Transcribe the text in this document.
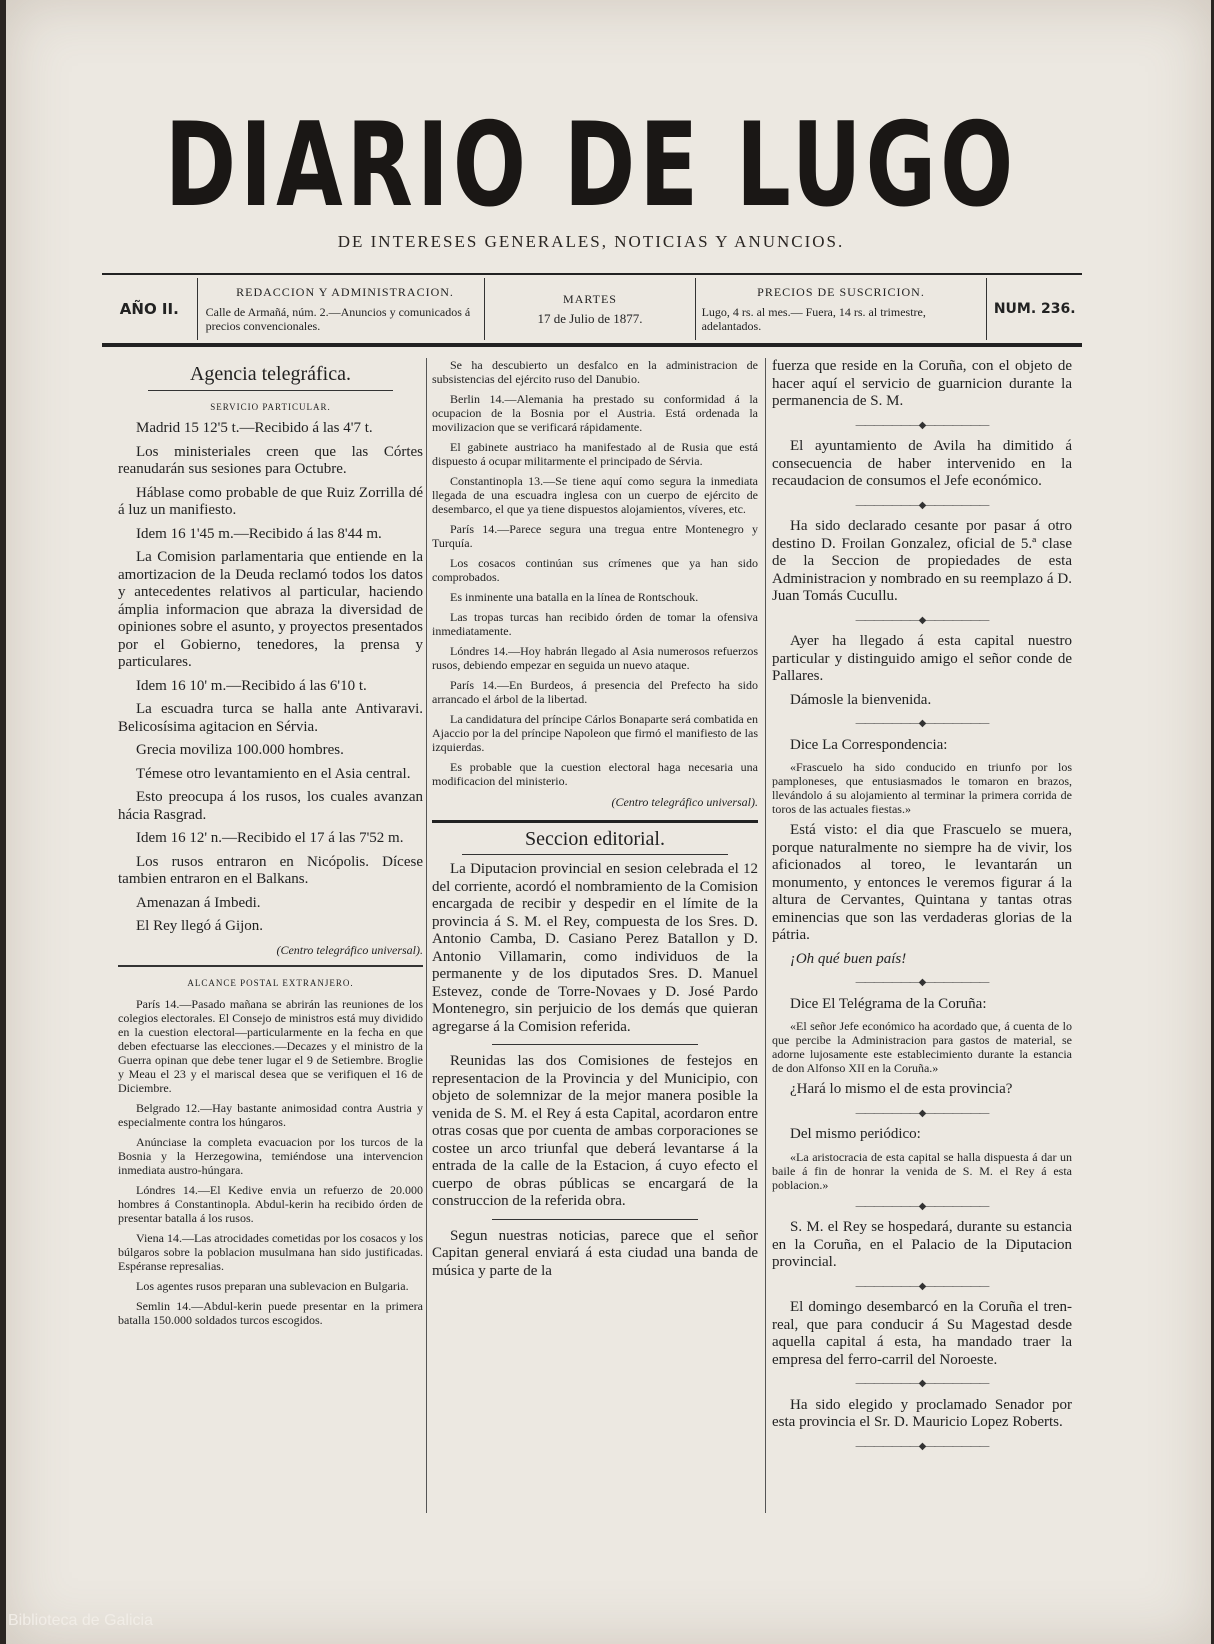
DIARIO DE LUGO
DE INTERESES GENERALES, NOTICIAS Y ANUNCIOS.
AÑO II.
REDACCION Y ADMINISTRACION.
Calle de Armañá, núm. 2.—Anuncios y comunicados á precios convencionales.
MARTES
17 de Julio de 1877.
PRECIOS DE SUSCRICION.
Lugo, 4 rs. al mes.— Fuera, 14 rs. al trimestre, adelantados.
NUM. 236.
Agencia telegráfica.
SERVICIO PARTICULAR.

Madrid 15 12'5 t.—Recibido á las 4'7 t.

Los ministeriales creen que las Córtes reanudarán sus sesiones para Octubre.

Háblase como probable de que Ruiz Zorrilla dé á luz un manifiesto.

Idem 16 1'45 m.—Recibido á las 8'44 m.

La Comision parlamentaria que entiende en la amortizacion de la Deuda reclamó todos los datos y antecedentes relativos al particular, haciendo ámplia informacion que abraza la diversidad de opiniones sobre el asunto, y proyectos presentados por el Gobierno, tenedores, la prensa y particulares.

Idem 16 10' m.—Recibido á las 6'10 t.

La escuadra turca se halla ante Antivaravi. Belicosísima agitacion en Sérvia.

Grecia moviliza 100.000 hombres.

Témese otro levantamiento en el Asia central.

Esto preocupa á los rusos, los cuales avanzan hácia Rasgrad.

Idem 16 12' n.—Recibido el 17 á las 7'52 m.

Los rusos entraron en Nicópolis. Dícese tambien entraron en el Balkans.

Amenazan á Imbedi.

El Rey llegó á Gijon.

(Centro telegráfico universal).
ALCANCE POSTAL EXTRANJERO.

París 14.—Pasado mañana se abrirán las reuniones de los colegios electorales. El Consejo de ministros está muy dividido en la cuestion electoral—particularmente en la fecha en que deben efectuarse las elecciones.—Decazes y el ministro de la Guerra opinan que debe tener lugar el 9 de Setiembre. Broglie y Meau el 23 y el mariscal desea que se verifiquen el 16 de Diciembre.

Belgrado 12.—Hay bastante animosidad contra Austria y especialmente contra los húngaros.

Anúnciase la completa evacuacion por los turcos de la Bosnia y la Herzegowina, temiéndose una intervencion inmediata austro-húngara.

Lóndres 14.—El Kedive envia un refuerzo de 20.000 hombres á Constantinopla. Abdul-kerin ha recibido órden de presentar batalla á los rusos.

Viena 14.—Las atrocidades cometidas por los cosacos y los búlgaros sobre la poblacion musulmana han sido justificadas. Espéranse represalias.

Los agentes rusos preparan una sublevacion en Bulgaria.

Semlin 14.—Abdul-kerin puede presentar en la primera batalla 150.000 soldados turcos escogidos.

Se ha descubierto un desfalco en la administracion de subsistencias del ejército ruso del Danubio.

Berlin 14.—Alemania ha prestado su conformidad á la ocupacion de la Bosnia por el Austria. Está ordenada la movilizacion que se verificará rápidamente.

El gabinete austriaco ha manifestado al de Rusia que está dispuesto á ocupar militarmente el principado de Sérvia.

Constantinopla 13.—Se tiene aquí como segura la inmediata llegada de una escuadra inglesa con un cuerpo de ejército de desembarco, el que ya tiene dispuestos alojamientos, víveres, etc.

París 14.—Parece segura una tregua entre Montenegro y Turquía.

Los cosacos continúan sus crímenes que ya han sido comprobados.

Es inminente una batalla en la línea de Rontschouk.

Las tropas turcas han recibido órden de tomar la ofensiva inmediatamente.

Lóndres 14.—Hoy habrán llegado al Asia numerosos refuerzos rusos, debiendo empezar en seguida un nuevo ataque.

París 14.—En Burdeos, á presencia del Prefecto ha sido arrancado el árbol de la libertad.

La candidatura del príncipe Cárlos Bonaparte será combatida en Ajaccio por la del príncipe Napoleon que firmó el manifiesto de las izquierdas.

Es probable que la cuestion electoral haga necesaria una modificacion del ministerio.

(Centro telegráfico universal).
Seccion editorial.

La Diputacion provincial en sesion celebrada el 12 del corriente, acordó el nombramiento de la Comision encargada de recibir y despedir en el límite de la provincia á S. M. el Rey, compuesta de los Sres. D. Antonio Camba, D. Casiano Perez Batallon y D. Antonio Villamarin, como individuos de la permanente y de los diputados Sres. D. Manuel Estevez, conde de Torre-Novaes y D. José Pardo Montenegro, sin perjuicio de los demás que quieran agregarse á la Comision referida.

Reunidas las dos Comisiones de festejos en representacion de la Provincia y del Municipio, con objeto de solemnizar de la mejor manera posible la venida de S. M. el Rey á esta Capital, acordaron entre otras cosas que por cuenta de ambas corporaciones se costee un arco triunfal que deberá levantarse á la entrada de la calle de la Estacion, á cuyo efecto el cuerpo de obras públicas se encargará de la construccion de la referida obra.

Segun nuestras noticias, parece que el señor Capitan general enviará á esta ciudad una banda de música y parte de la

fuerza que reside en la Coruña, con el objeto de hacer aquí el servicio de guarnicion durante la permanencia de S. M.

———————◆———————

El ayuntamiento de Avila ha dimitido á consecuencia de haber intervenido en la recaudacion de consumos el Jefe económico.

———————◆———————

Ha sido declarado cesante por pasar á otro destino D. Froilan Gonzalez, oficial de 5.ª clase de la Seccion de propiedades de esta Administracion y nombrado en su reemplazo á D. Juan Tomás Cucullu.

———————◆———————

Ayer ha llegado á esta capital nuestro particular y distinguido amigo el señor conde de Pallares.

Dámosle la bienvenida.

———————◆———————

Dice La Correspondencia:

«Frascuelo ha sido conducido en triunfo por los pamploneses, que entusiasmados le tomaron en brazos, llevándolo á su alojamiento al terminar la primera corrida de toros de las actuales fiestas.»

Está visto: el dia que Frascuelo se muera, porque naturalmente no siempre ha de vivir, los aficionados al toreo, le levantarán un monumento, y entonces le veremos figurar á la altura de Cervantes, Quintana y tantas otras eminencias que son las verdaderas glorias de la pátria.

¡Oh qué buen país!

———————◆———————

Dice El Telégrama de la Coruña:

«El señor Jefe económico ha acordado que, á cuenta de lo que percibe la Administracion para gastos de material, se adorne lujosamente este establecimiento durante la estancia de don Alfonso XII en la Coruña.»

¿Hará lo mismo el de esta provincia?

———————◆———————

Del mismo periódico:

«La aristocracia de esta capital se halla dispuesta á dar un baile á fin de honrar la venida de S. M. el Rey á esta poblacion.»

———————◆———————

S. M. el Rey se hospedará, durante su estancia en la Coruña, en el Palacio de la Diputacion provincial.

———————◆———————

El domingo desembarcó en la Coruña el tren-real, que para conducir á Su Magestad desde aquella capital á esta, ha mandado traer la empresa del ferro-carril del Noroeste.

———————◆———————

Ha sido elegido y proclamado Senador por esta provincia el Sr. D. Mauricio Lopez Roberts.

———————◆———————
Biblioteca de Galicia
